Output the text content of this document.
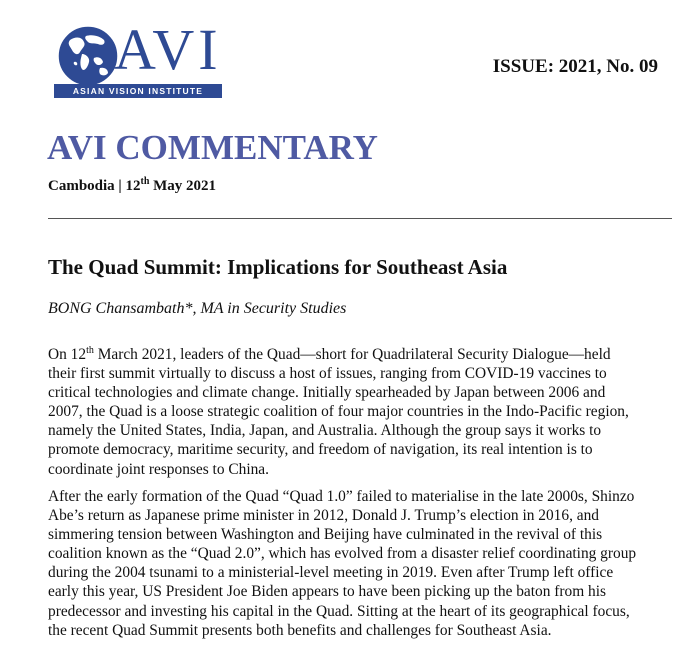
AVI
ASIAN VISION INSTITUTE
ISSUE: 2021, No. 09
AVI COMMENTARY
Cambodia | 12th May 2021
The Quad Summit: Implications for Southeast Asia
BONG Chansambath*, MA in Security Studies
On 12th March 2021, leaders of the Quad—short for Quadrilateral Security Dialogue—held
their first summit virtually to discuss a host of issues, ranging from COVID-19 vaccines to
critical technologies and climate change. Initially spearheaded by Japan between 2006 and
2007, the Quad is a loose strategic coalition of four major countries in the Indo-Pacific region,
namely the United States, India, Japan, and Australia. Although the group says it works to
promote democracy, maritime security, and freedom of navigation, its real intention is to
coordinate joint responses to China.
After the early formation of the Quad “Quad 1.0” failed to materialise in the late 2000s, Shinzo
Abe’s return as Japanese prime minister in 2012, Donald J. Trump’s election in 2016, and
simmering tension between Washington and Beijing have culminated in the revival of this
coalition known as the “Quad 2.0”, which has evolved from a disaster relief coordinating group
during the 2004 tsunami to a ministerial-level meeting in 2019. Even after Trump left office
early this year, US President Joe Biden appears to have been picking up the baton from his
predecessor and investing his capital in the Quad. Sitting at the heart of its geographical focus,
the recent Quad Summit presents both benefits and challenges for Southeast Asia.
